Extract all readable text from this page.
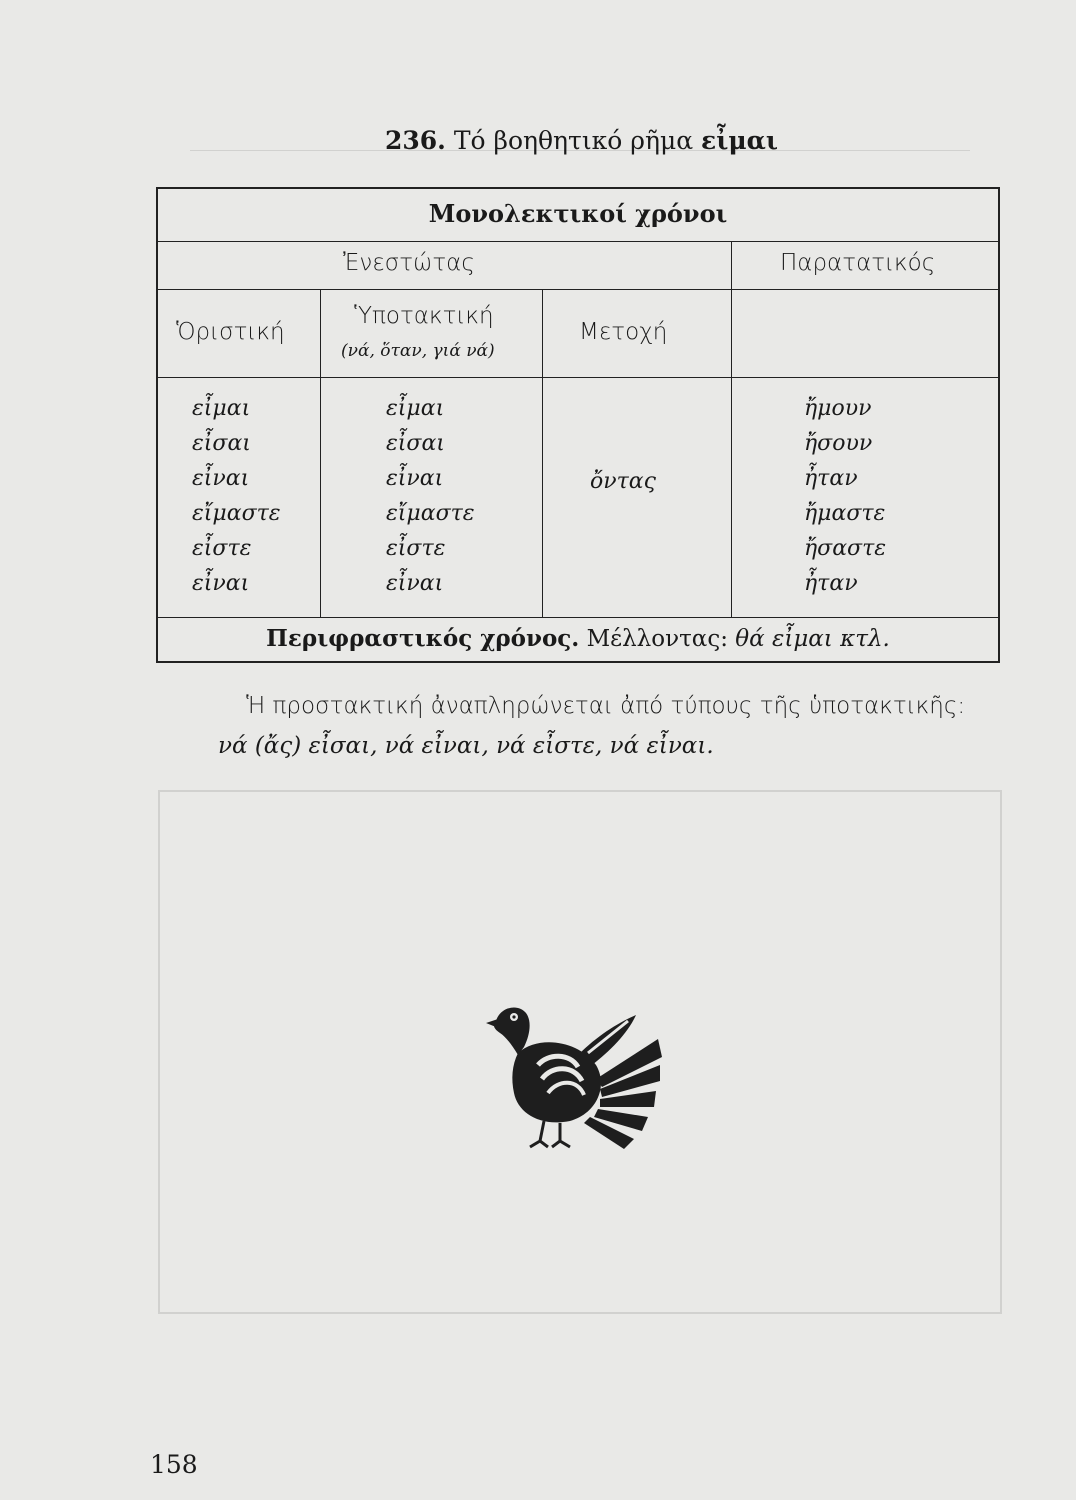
236. Τό βοηθητικό ρῆμα εἶμαι
Μονολεκτικοί χρόνοι
Ἐνεστώτας	Παρατατικός
Ὁριστική
Ὑποτακτική
(νά, ὅταν, γιά νά)
Μετοχή
εἶμαι
εἶσαι
εἶναι
εἴμαστε
εἶστε
εἶναι
εἶμαι
εἶσαι
εἶναι
εἴμαστε
εἶστε
εἶναι
ὄντας
ἤμουν
ἤσουν
ἦταν
ἤμαστε
ἤσαστε
ἦταν
Περιφραστικός χρόνος. Μέλλοντας: θά εἶμαι κτλ.
Ἡ προστακτική ἀναπληρώνεται ἀπό τύπους τῆς ὑποτακτικῆς:
νά (ἄς) εἶσαι, νά εἶναι, νά εἶστε, νά εἶναι.
158
